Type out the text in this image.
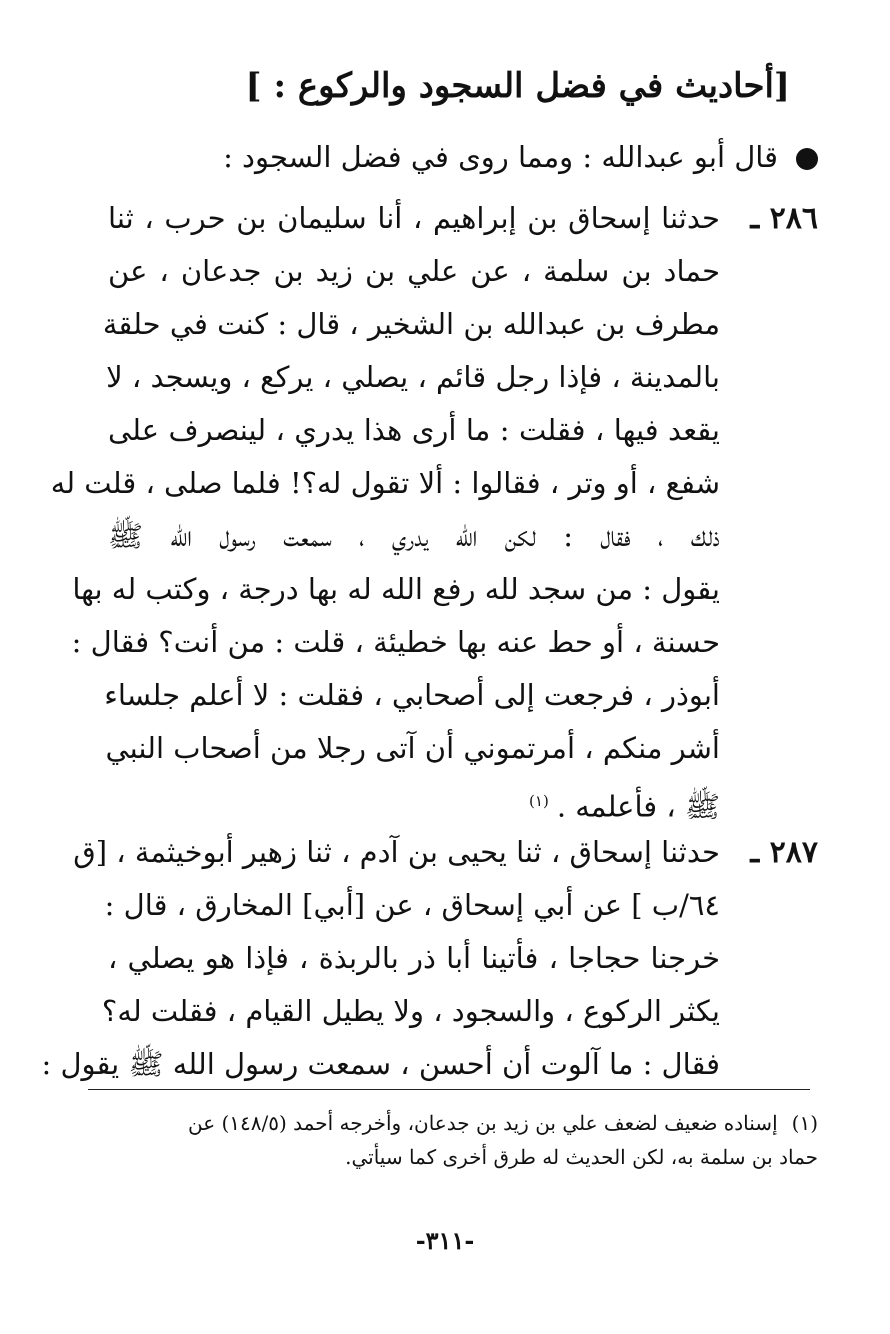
[أحاديث في فضل السجود والركوع : ]
قال أبو عبدالله : ومما روى في فضل السجود :
٢٨٦ ـ
حدثنا إسحاق بن إبراهيم ، أنا سليمان بن حرب ، ثنا
حماد بن سلمة ، عن علي بن زيد بن جدعان ، عن
مطرف بن عبدالله بن الشخير ، قال : كنت في حلقة
بالمدينة ، فإذا رجل قائم ، يصلي ، يركع ، ويسجد ، لا
يقعد فيها ، فقلت : ما أرى هذا يدري ، لينصرف على
شفع ، أو وتر ، فقالوا : ألا تقول له؟! فلما صلى ، قلت له
ذلك ، فقال : لكن الله يدري ، سمعت رسول الله ﷺ
يقول : من سجد لله رفع الله له بها درجة ، وكتب له بها
حسنة ، أو حط عنه بها خطيئة ، قلت : من أنت؟ فقال :
أبوذر ، فرجعت إلى أصحابي ، فقلت : لا أعلم جلساء
أشر منكم ، أمرتموني أن آتى رجلا من أصحاب النبي
ﷺ ، فأعلمه .$^{(١)}$
٢٨٧ ـ
حدثنا إسحاق ، ثنا يحيى بن آدم ، ثنا زهير أبوخيثمة ، [ق
٦٤/ب ] عن أبي إسحاق ، عن [أبي] المخارق ، قال :
خرجنا حجاجا ، فأتينا أبا ذر بالربذة ، فإذا هو يصلي ،
يكثر الركوع ، والسجود ، ولا يطيل القيام ، فقلت له؟
فقال : ما آلوت أن أحسن ، سمعت رسول الله ﷺ يقول :
(١)إسناده ضعيف لضعف علي بن زيد بن جدعان، وأخرجه أحمد (١٤٨/٥) عن
حماد بن سلمة به، لكن الحديث له طرق أخرى كما سيأتي.
-٣١١-
